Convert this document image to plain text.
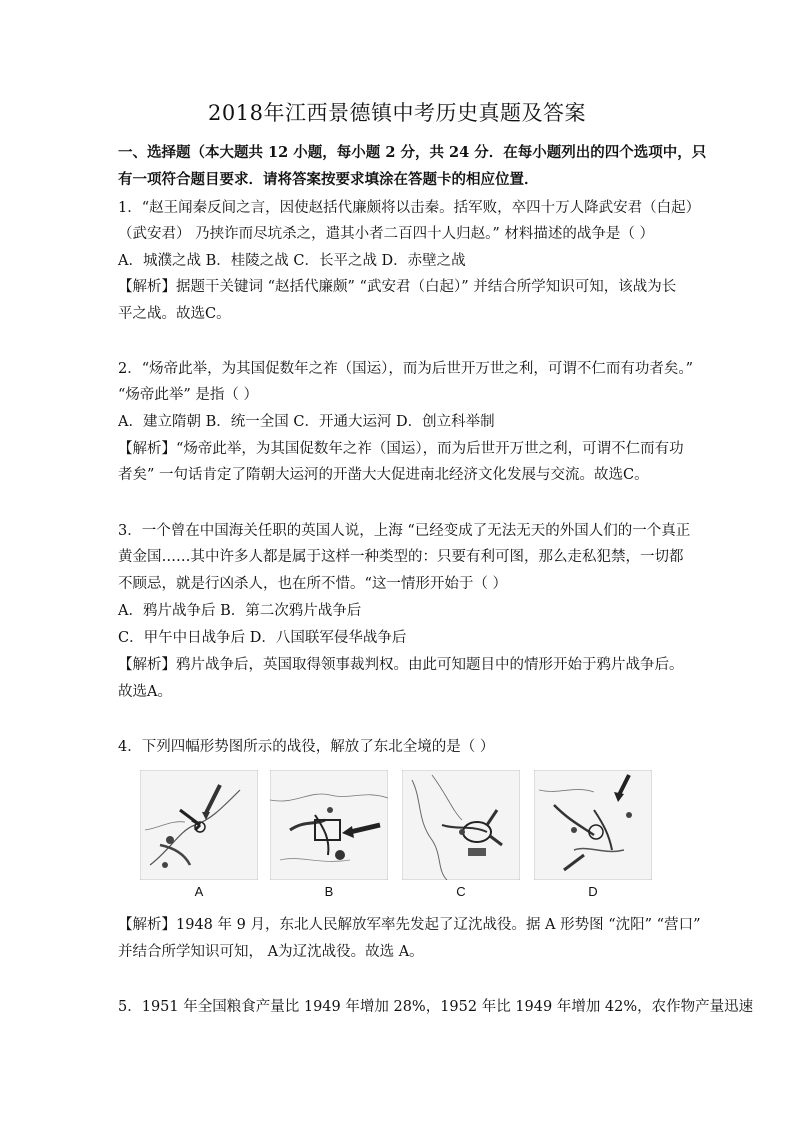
2018年江西景德镇中考历史真题及答案
一、选择题（本大题共 12 小题，每小题 2 分，共 24 分．在每小题列出的四个选项中，只
有一项符合题目要求．请将答案按要求填涂在答题卡的相应位置．
1．“赵王闻秦反间之言，因使赵括代廉颇将以击秦。括军败，卒四十万人降武安君（白起）
（武安君） 乃挟诈而尽坑杀之，遣其小者二百四十人归赵。” 材料描述的战争是（ ）
A．城濮之战 B．桂陵之战 C．长平之战 D．赤壁之战
【解析】据题干关键词 “赵括代廉颇” “武安君（白起）” 并结合所学知识可知，该战为长
平之战。故选C。
2．“炀帝此举，为其国促数年之祚（国运），而为后世开万世之利，可谓不仁而有功者矣。”
“炀帝此举” 是指（ ）
A．建立隋朝 B．统一全国 C．开通大运河 D．创立科举制
【解析】“炀帝此举，为其国促数年之祚（国运），而为后世开万世之利，可谓不仁而有功
者矣” 一句话肯定了隋朝大运河的开凿大大促进南北经济文化发展与交流。故选C。
3．一个曾在中国海关任职的英国人说，上海 “已经变成了无法无天的外国人们的一个真正
黄金国……其中许多人都是属于这样一种类型的：只要有利可图，那么走私犯禁，一切都
不顾忌，就是行凶杀人，也在所不惜。“这一情形开始于（ ）
A．鸦片战争后 B．第二次鸦片战争后
C．甲午中日战争后 D．八国联军侵华战争后
【解析】鸦片战争后，英国取得领事裁判权。由此可知题目中的情形开始于鸦片战争后。
故选A。
4．下列四幅形势图所示的战役，解放了东北全境的是（ ）
A	B	C	D
【解析】1948 年 9 月，东北人民解放军率先发起了辽沈战役。据 A 形势图 “沈阳” “营口”
并结合所学知识可知， A为辽沈战役。故选 A。
5．1951 年全国粮食产量比 1949 年增加 28%，1952 年比 1949 年增加 42%，农作物产量迅速
